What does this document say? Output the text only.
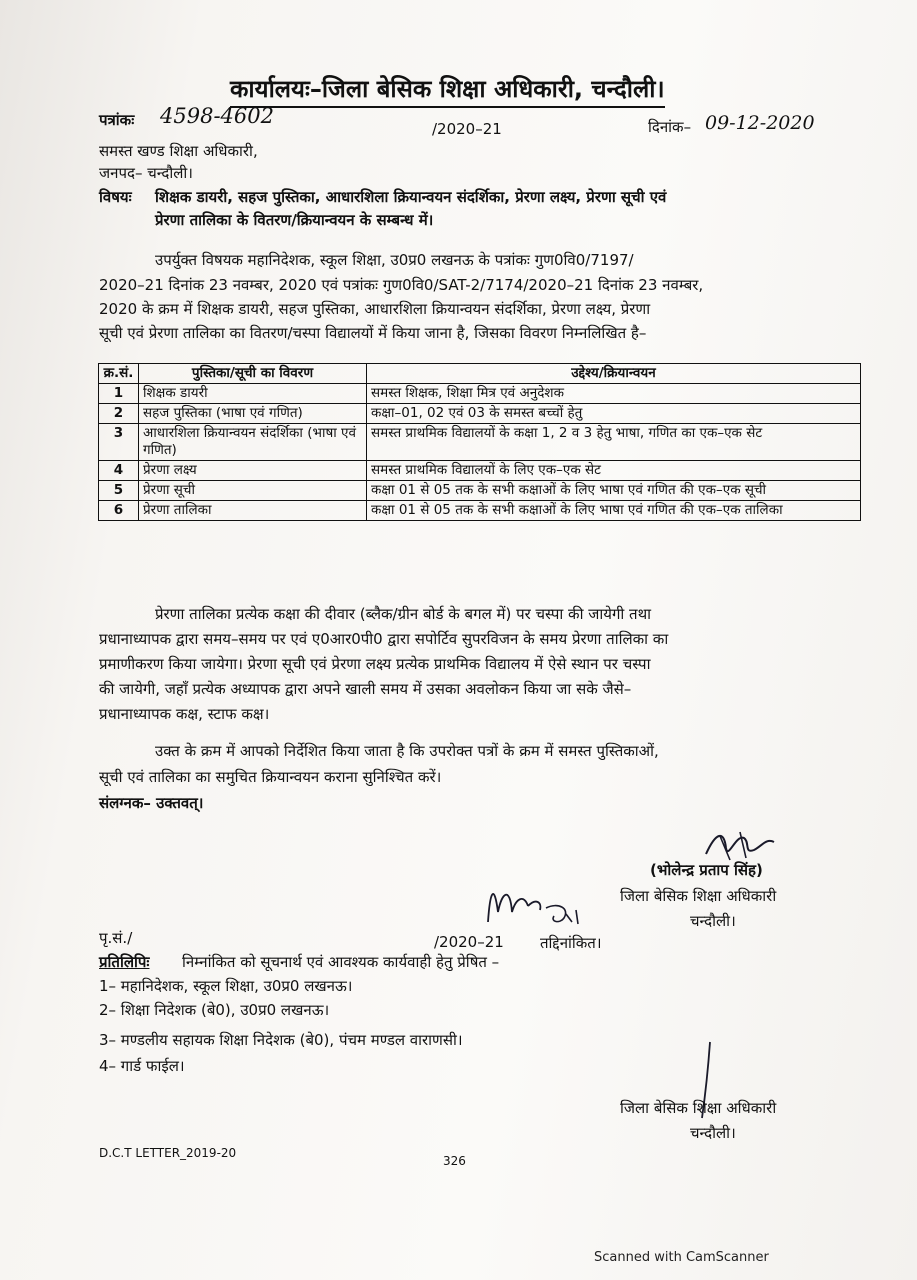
कार्यालयः–जिला बेसिक शिक्षा अधिकारी, चन्दौली।
पत्रांकः 4598-4602
/2020–21	दिनांक– 09-12-2020
समस्त खण्ड शिक्षा अधिकारी,
जनपद– चन्दौली।
विषयः शिक्षक डायरी, सहज पुस्तिका, आधारशिला क्रियान्वयन संदर्शिका, प्रेरणा लक्ष्य, प्रेरणा सूची एवं
प्रेरणा तालिका के वितरण/क्रियान्वयन के सम्बन्ध में।
उपर्युक्त विषयक महानिदेशक, स्कूल शिक्षा, उ0प्र0 लखनऊ के पत्रांकः गुण0वि0/7197/
2020–21 दिनांक 23 नवम्बर, 2020 एवं पत्रांकः गुण0वि0/SAT-2/7174/2020–21 दिनांक 23 नवम्बर,
2020 के क्रम में शिक्षक डायरी, सहज पुस्तिका, आधारशिला क्रियान्वयन संदर्शिका, प्रेरणा लक्ष्य, प्रेरणा
सूची एवं प्रेरणा तालिका का वितरण/चस्पा विद्यालयों में किया जाना है, जिसका विवरण निम्नलिखित है–
क्र.सं.	पुस्तिका/सूची का विवरण	उद्देश्य/क्रियान्वयन
1	शिक्षक डायरी	समस्त शिक्षक, शिक्षा मित्र एवं अनुदेशक
2	सहज पुस्तिका (भाषा एवं गणित)	कक्षा–01, 02 एवं 03 के समस्त बच्चों हेतु
3	आधारशिला क्रियान्वयन संदर्शिका (भाषा एवं गणित)	समस्त प्राथमिक विद्यालयों के कक्षा 1, 2 व 3 हेतु भाषा, गणित का एक–एक सेट
4	प्रेरणा लक्ष्य	समस्त प्राथमिक विद्यालयों के लिए एक–एक सेट
5	प्रेरणा सूची	कक्षा 01 से 05 तक के सभी कक्षाओं के लिए भाषा एवं गणित की एक–एक सूची
6	प्रेरणा तालिका	कक्षा 01 से 05 तक के सभी कक्षाओं के लिए भाषा एवं गणित की एक–एक तालिका
प्रेरणा तालिका प्रत्येक कक्षा की दीवार (ब्लैक/ग्रीन बोर्ड के बगल में) पर चस्पा की जायेगी तथा
प्रधानाध्यापक द्वारा समय–समय पर एवं ए0आर0पी0 द्वारा सपोर्टिव सुपरविजन के समय प्रेरणा तालिका का
प्रमाणीकरण किया जायेगा। प्रेरणा सूची एवं प्रेरणा लक्ष्य प्रत्येक प्राथमिक विद्यालय में ऐसे स्थान पर चस्पा
की जायेगी, जहाँ प्रत्येक अध्यापक द्वारा अपने खाली समय में उसका अवलोकन किया जा सके जैसे–
प्रधानाध्यापक कक्ष, स्टाफ कक्ष।
उक्त के क्रम में आपको निर्देशित किया जाता है कि उपरोक्त पत्रों के क्रम में समस्त पुस्तिकाओं,
सूची एवं तालिका का समुचित क्रियान्वयन कराना सुनिश्चित करें।
संलग्नक– उक्तवत्।
(भोलेन्द्र प्रताप सिंह)
जिला बेसिक शिक्षा अधिकारी
चन्दौली।
पृ.सं./	/2020–21 तद्दिनांकित।
प्रतिलिपिः निम्नांकित को सूचनार्थ एवं आवश्यक कार्यवाही हेतु प्रेषित –
1– महानिदेशक, स्कूल शिक्षा, उ0प्र0 लखनऊ।
2– शिक्षा निदेशक (बे0), उ0प्र0 लखनऊ।
3– मण्डलीय सहायक शिक्षा निदेशक (बे0), पंचम मण्डल वाराणसी।
4– गार्ड फाईल।
जिला बेसिक शिक्षा अधिकारी
चन्दौली।
D.C.T LETTER_2019-20
326
Scanned with CamScanner
